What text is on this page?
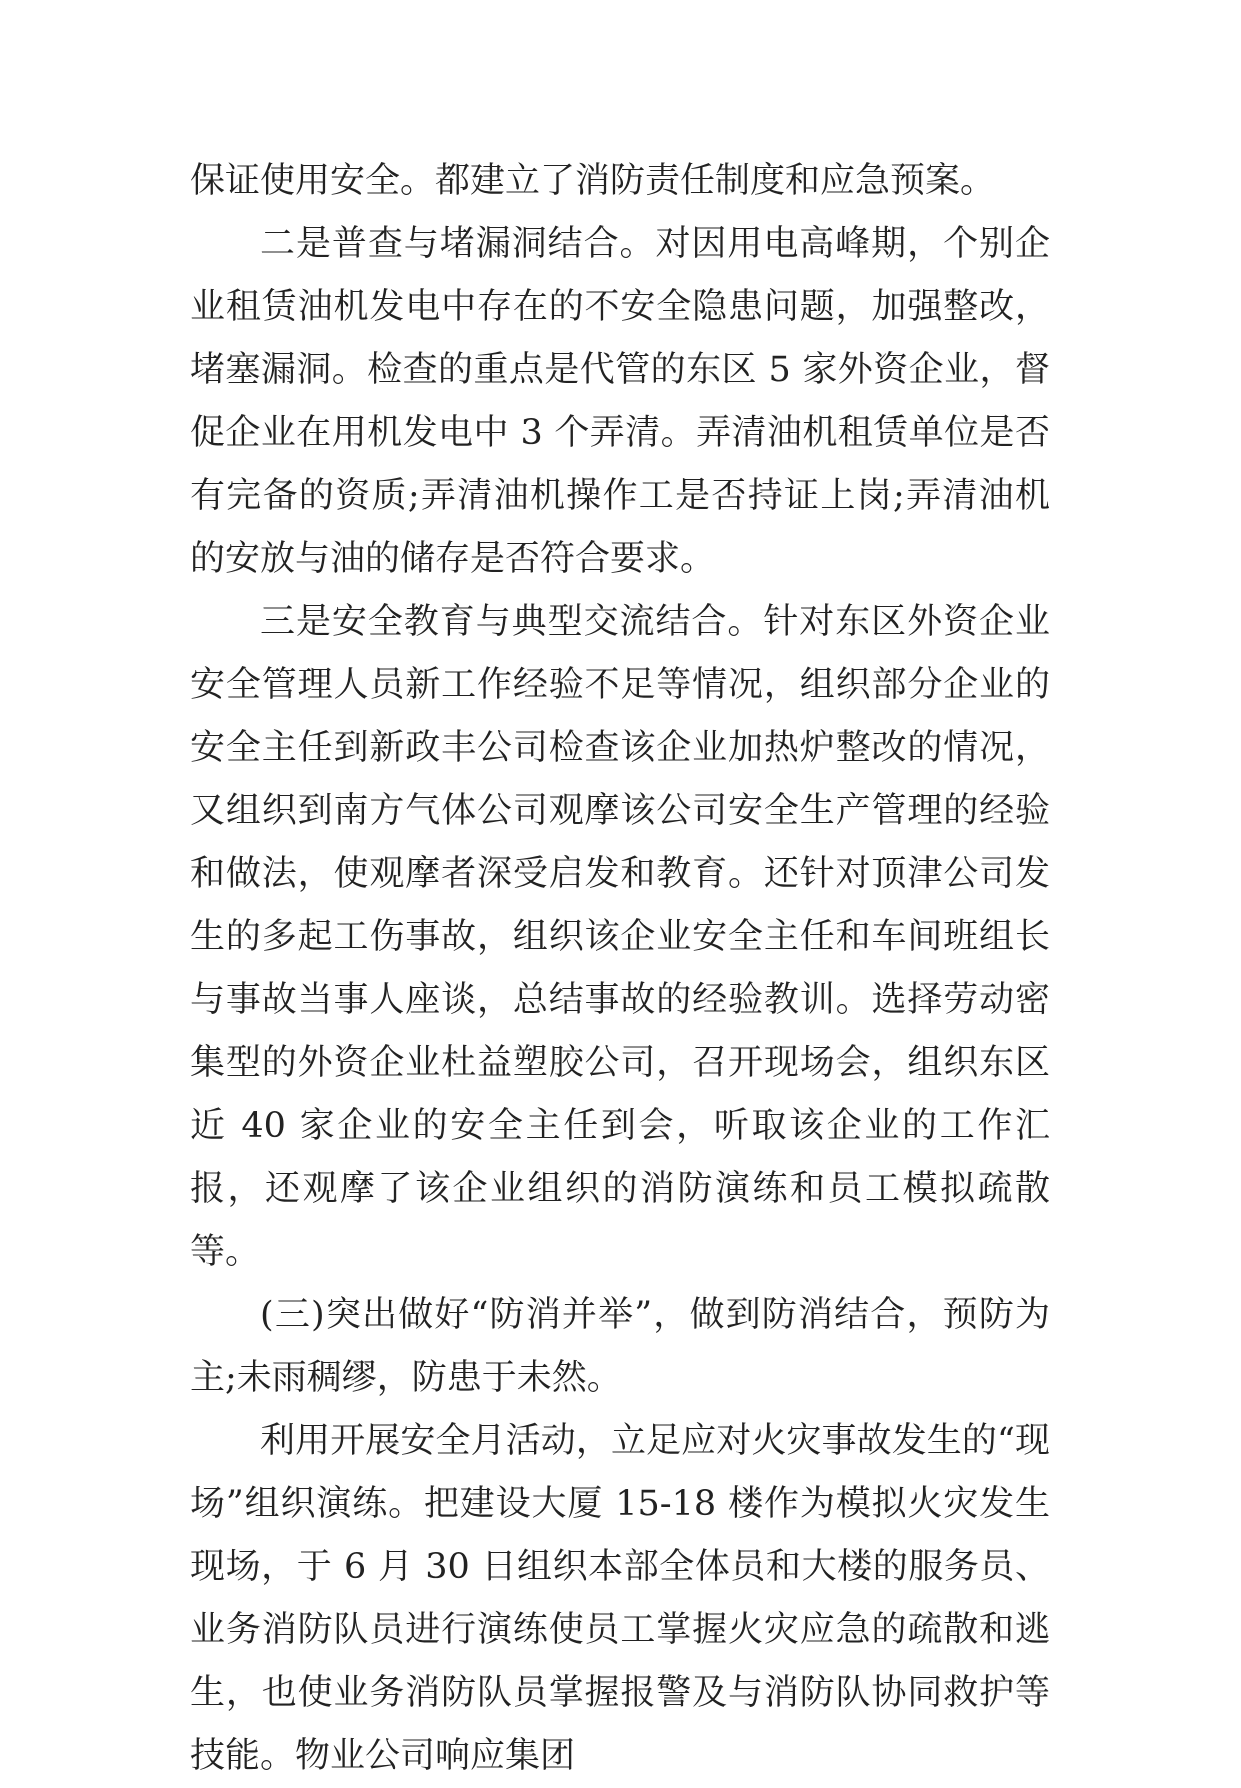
保证使用安全。都建立了消防责任制度和应急预案。

二是普查与堵漏洞结合。对因用电高峰期，个别企业租赁油机发电中存在的不安全隐患问题，加强整改，堵塞漏洞。检查的重点是代管的东区 5 家外资企业，督促企业在用机发电中 3 个弄清。弄清油机租赁单位是否有完备的资质;弄清油机操作工是否持证上岗;弄清油机的安放与油的储存是否符合要求。

三是安全教育与典型交流结合。针对东区外资企业安全管理人员新工作经验不足等情况，组织部分企业的安全主任到新政丰公司检查该企业加热炉整改的情况，又组织到南方气体公司观摩该公司安全生产管理的经验和做法，使观摩者深受启发和教育。还针对顶津公司发生的多起工伤事故，组织该企业安全主任和车间班组长与事故当事人座谈，总结事故的经验教训。选择劳动密集型的外资企业杜益塑胶公司，召开现场会，组织东区近 40 家企业的安全主任到会，听取该企业的工作汇报，还观摩了该企业组织的消防演练和员工模拟疏散等。

(三)突出做好“防消并举”，做到防消结合，预防为主;未雨稠缪，防患于未然。

利用开展安全月活动，立足应对火灾事故发生的“现场”组织演练。把建设大厦 15-18 楼作为模拟火灾发生现场，于 6 月 30 日组织本部全体员和大楼的服务员、业务消防队员进行演练使员工掌握火灾应急的疏散和逃生，也使业务消防队员掌握报警及与消防队协同救护等技能。物业公司响应集团
